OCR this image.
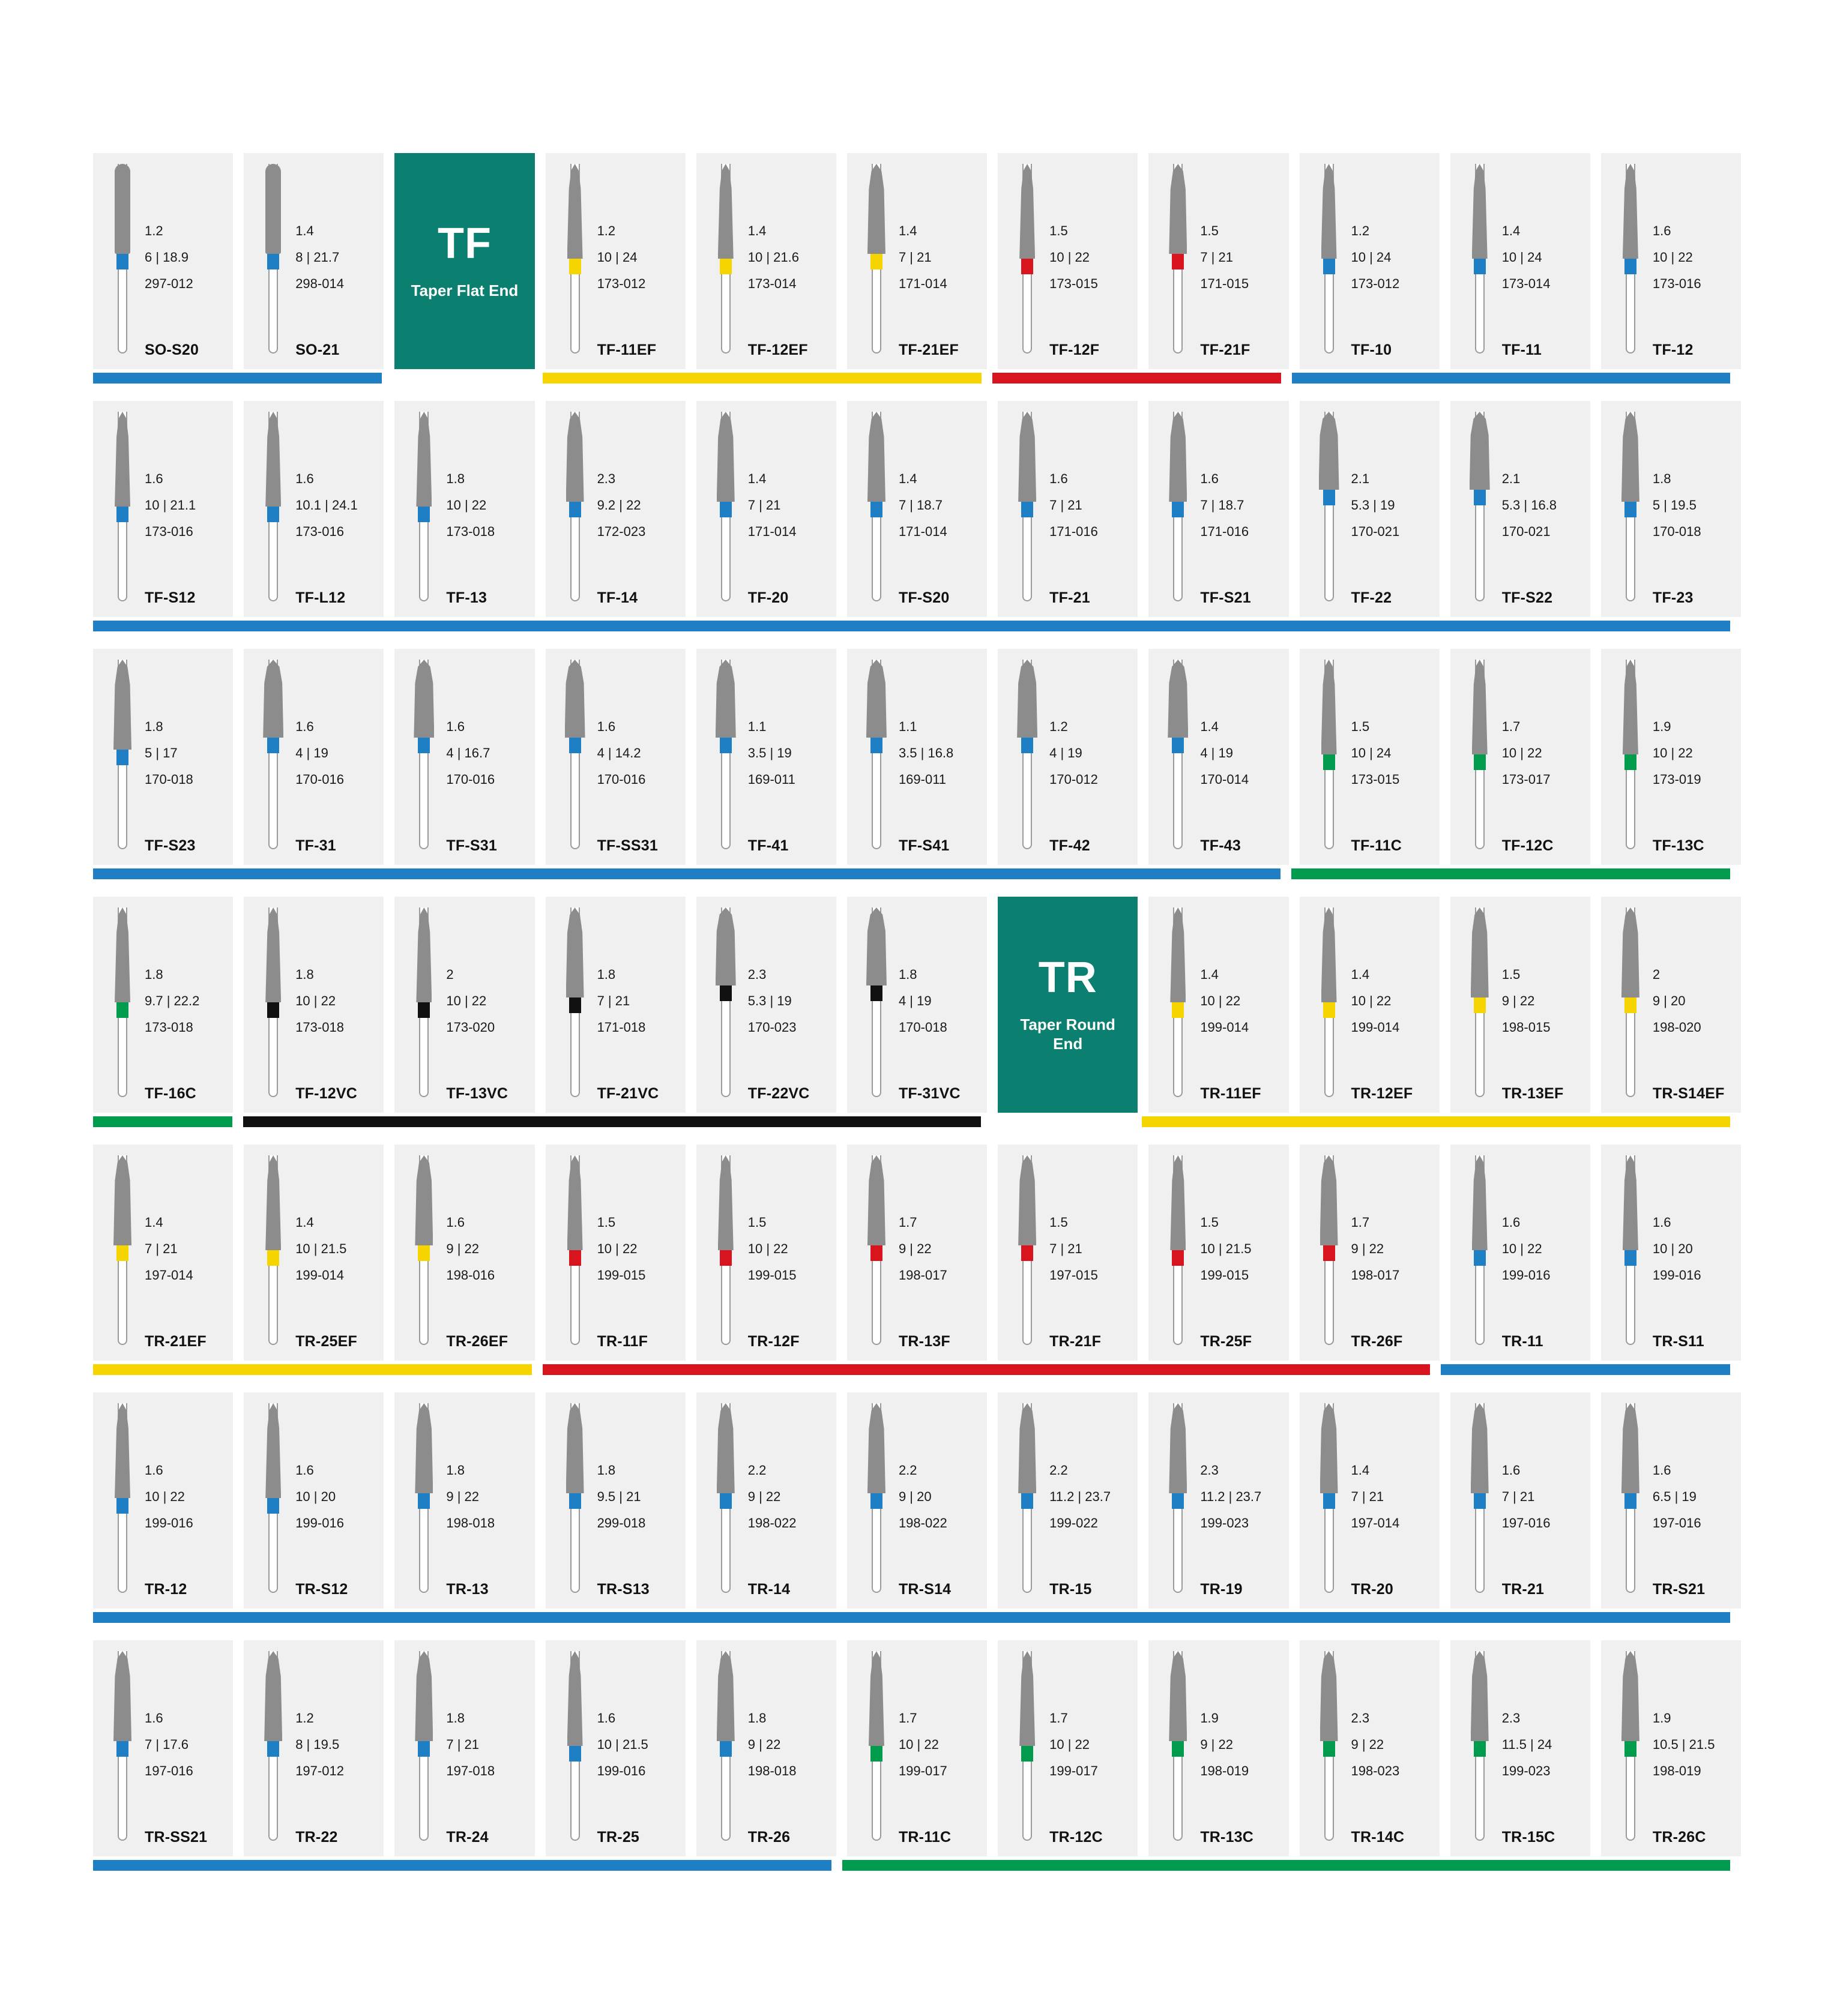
1.2
6 | 18.9
297-012
SO-S20
1.4
8 | 21.7
298-014
SO-21
TF
Taper Flat End
1.2
10 | 24
173-012
TF-11EF
1.4
10 | 21.6
173-014
TF-12EF
1.4
7 | 21
171-014
TF-21EF
1.5
10 | 22
173-015
TF-12F
1.5
7 | 21
171-015
TF-21F
1.2
10 | 24
173-012
TF-10
1.4
10 | 24
173-014
TF-11
1.6
10 | 22
173-016
TF-12
1.6
10 | 21.1
173-016
TF-S12
1.6
10.1 | 24.1
173-016
TF-L12
1.8
10 | 22
173-018
TF-13
2.3
9.2 | 22
172-023
TF-14
1.4
7 | 21
171-014
TF-20
1.4
7 | 18.7
171-014
TF-S20
1.6
7 | 21
171-016
TF-21
1.6
7 | 18.7
171-016
TF-S21
2.1
5.3 | 19
170-021
TF-22
2.1
5.3 | 16.8
170-021
TF-S22
1.8
5 | 19.5
170-018
TF-23
1.8
5 | 17
170-018
TF-S23
1.6
4 | 19
170-016
TF-31
1.6
4 | 16.7
170-016
TF-S31
1.6
4 | 14.2
170-016
TF-SS31
1.1
3.5 | 19
169-011
TF-41
1.1
3.5 | 16.8
169-011
TF-S41
1.2
4 | 19
170-012
TF-42
1.4
4 | 19
170-014
TF-43
1.5
10 | 24
173-015
TF-11C
1.7
10 | 22
173-017
TF-12C
1.9
10 | 22
173-019
TF-13C
1.8
9.7 | 22.2
173-018
TF-16C
1.8
10 | 22
173-018
TF-12VC
2
10 | 22
173-020
TF-13VC
1.8
7 | 21
171-018
TF-21VC
2.3
5.3 | 19
170-023
TF-22VC
1.8
4 | 19
170-018
TF-31VC
TR
Taper Round End
1.4
10 | 22
199-014
TR-11EF
1.4
10 | 22
199-014
TR-12EF
1.5
9 | 22
198-015
TR-13EF
2
9 | 20
198-020
TR-S14EF
1.4
7 | 21
197-014
TR-21EF
1.4
10 | 21.5
199-014
TR-25EF
1.6
9 | 22
198-016
TR-26EF
1.5
10 | 22
199-015
TR-11F
1.5
10 | 22
199-015
TR-12F
1.7
9 | 22
198-017
TR-13F
1.5
7 | 21
197-015
TR-21F
1.5
10 | 21.5
199-015
TR-25F
1.7
9 | 22
198-017
TR-26F
1.6
10 | 22
199-016
TR-11
1.6
10 | 20
199-016
TR-S11
1.6
10 | 22
199-016
TR-12
1.6
10 | 20
199-016
TR-S12
1.8
9 | 22
198-018
TR-13
1.8
9.5 | 21
299-018
TR-S13
2.2
9 | 22
198-022
TR-14
2.2
9 | 20
198-022
TR-S14
2.2
11.2 | 23.7
199-022
TR-15
2.3
11.2 | 23.7
199-023
TR-19
1.4
7 | 21
197-014
TR-20
1.6
7 | 21
197-016
TR-21
1.6
6.5 | 19
197-016
TR-S21
1.6
7 | 17.6
197-016
TR-SS21
1.2
8 | 19.5
197-012
TR-22
1.8
7 | 21
197-018
TR-24
1.6
10 | 21.5
199-016
TR-25
1.8
9 | 22
198-018
TR-26
1.7
10 | 22
199-017
TR-11C
1.7
10 | 22
199-017
TR-12C
1.9
9 | 22
198-019
TR-13C
2.3
9 | 22
198-023
TR-14C
2.3
11.5 | 24
199-023
TR-15C
1.9
10.5 | 21.5
198-019
TR-26C
